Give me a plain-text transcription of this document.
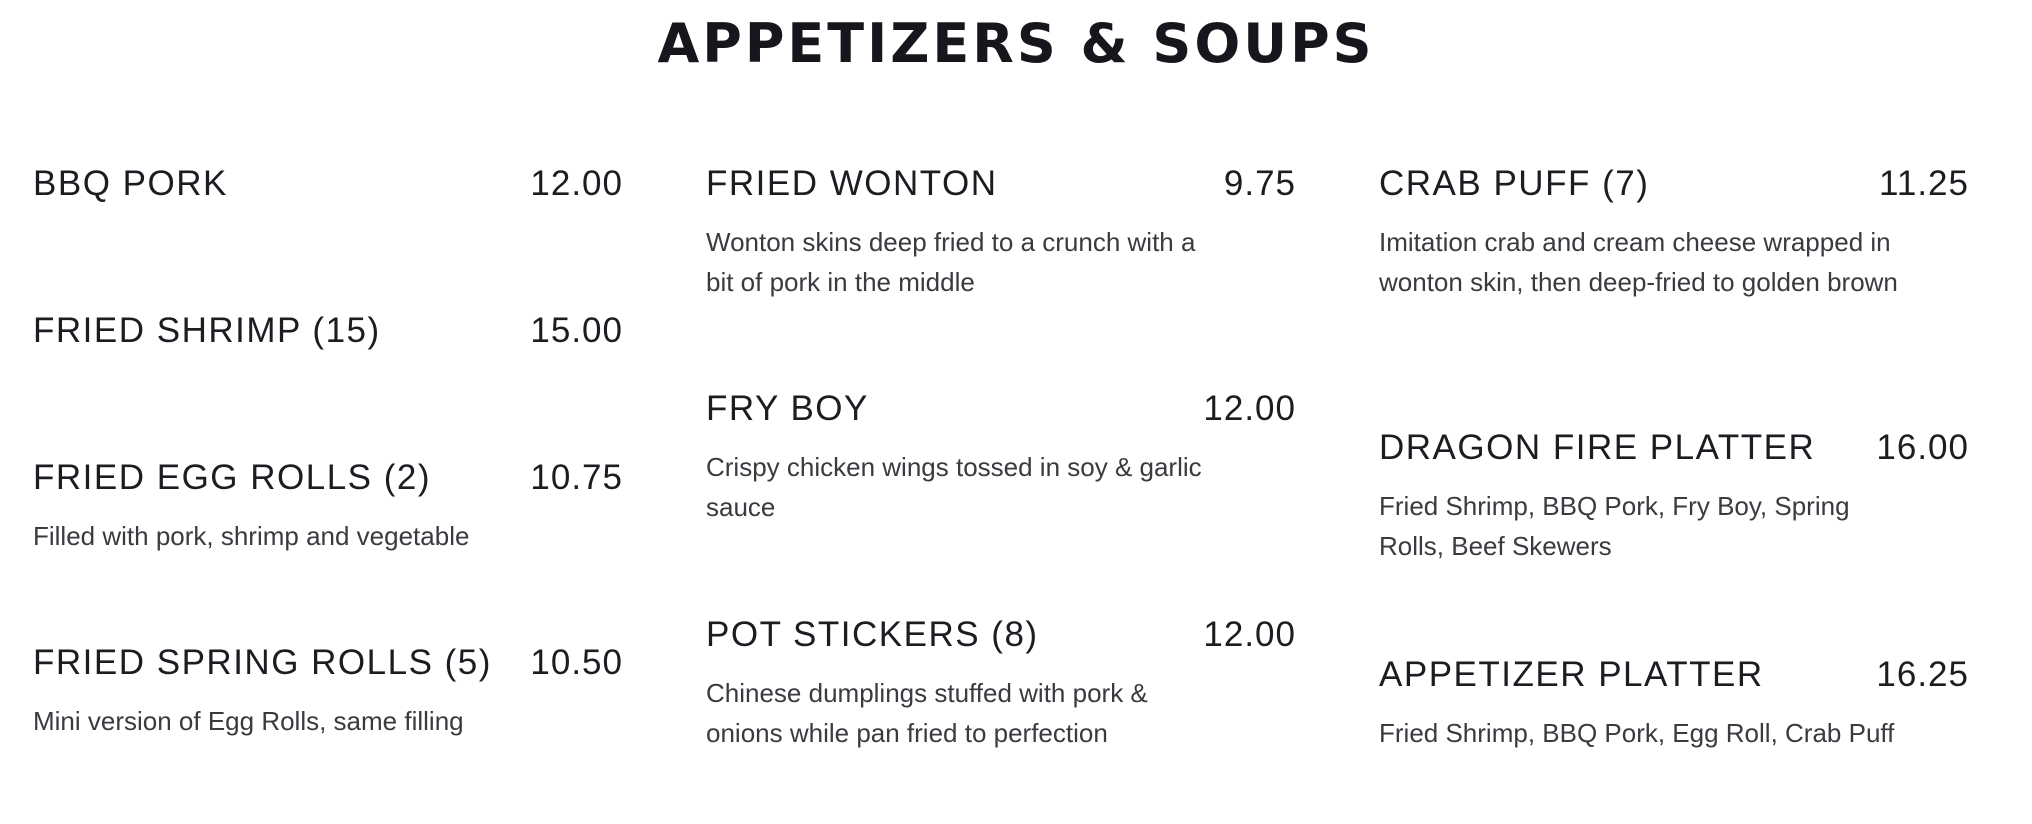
APPETIZERS & SOUPS
BBQ PORK	12.00
FRIED SHRIMP (15)	15.00
FRIED EGG ROLLS (2)	10.75
Filled with pork, shrimp and vegetable
FRIED SPRING ROLLS (5) 10.50
Mini version of Egg Rolls, same filling
FRIED WONTON	9.75
Wonton skins deep fried to a crunch with a bit of pork in the middle
FRY BOY	12.00
Crispy chicken wings tossed in soy & garlic sauce
POT STICKERS (8)	12.00
Chinese dumplings stuffed with pork & onions while pan fried to perfection
CRAB PUFF (7)	11.25
Imitation crab and cream cheese wrapped in wonton skin, then deep-fried to golden brown
DRAGON FIRE PLATTER 16.00
Fried Shrimp, BBQ Pork, Fry Boy, Spring Rolls, Beef Skewers
APPETIZER PLATTER	16.25
Fried Shrimp, BBQ Pork, Egg Roll, Crab Puff
